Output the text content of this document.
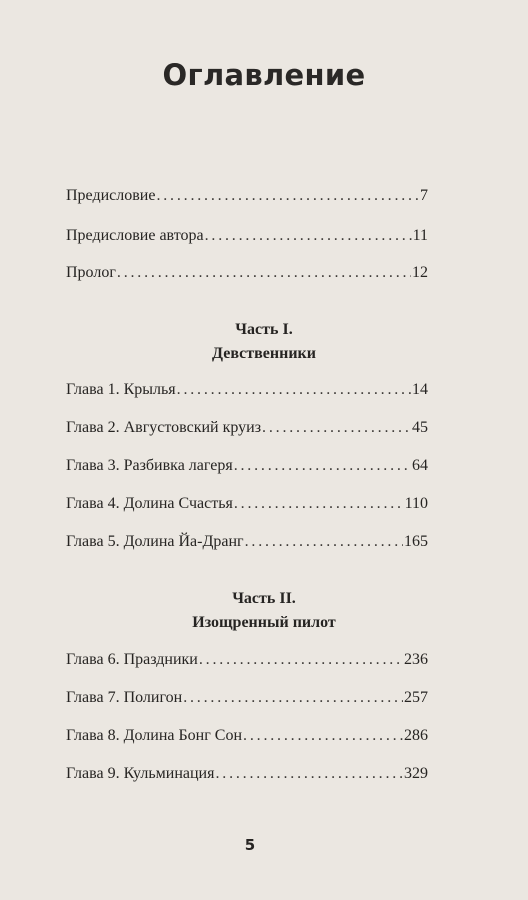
Оглавление
Предисловие . . .	7
Предисловие автора . . .	11
Пролог . . .	12
Часть I.
Девственники
Глава 1. Крылья . . .	14
Глава 2. Августовский круиз . . .	45
Глава 3. Разбивка лагеря . . .	64
Глава 4. Долина Счастья . . .	110
Глава 5. Долина Йа-Дранг . . .	165
Часть II.
Изощренный пилот
Глава 6. Праздники . . .	236
Глава 7. Полигон . . .	257
Глава 8. Долина Бонг Сон . . .	286
Глава 9. Кульминация . . .	329
5
